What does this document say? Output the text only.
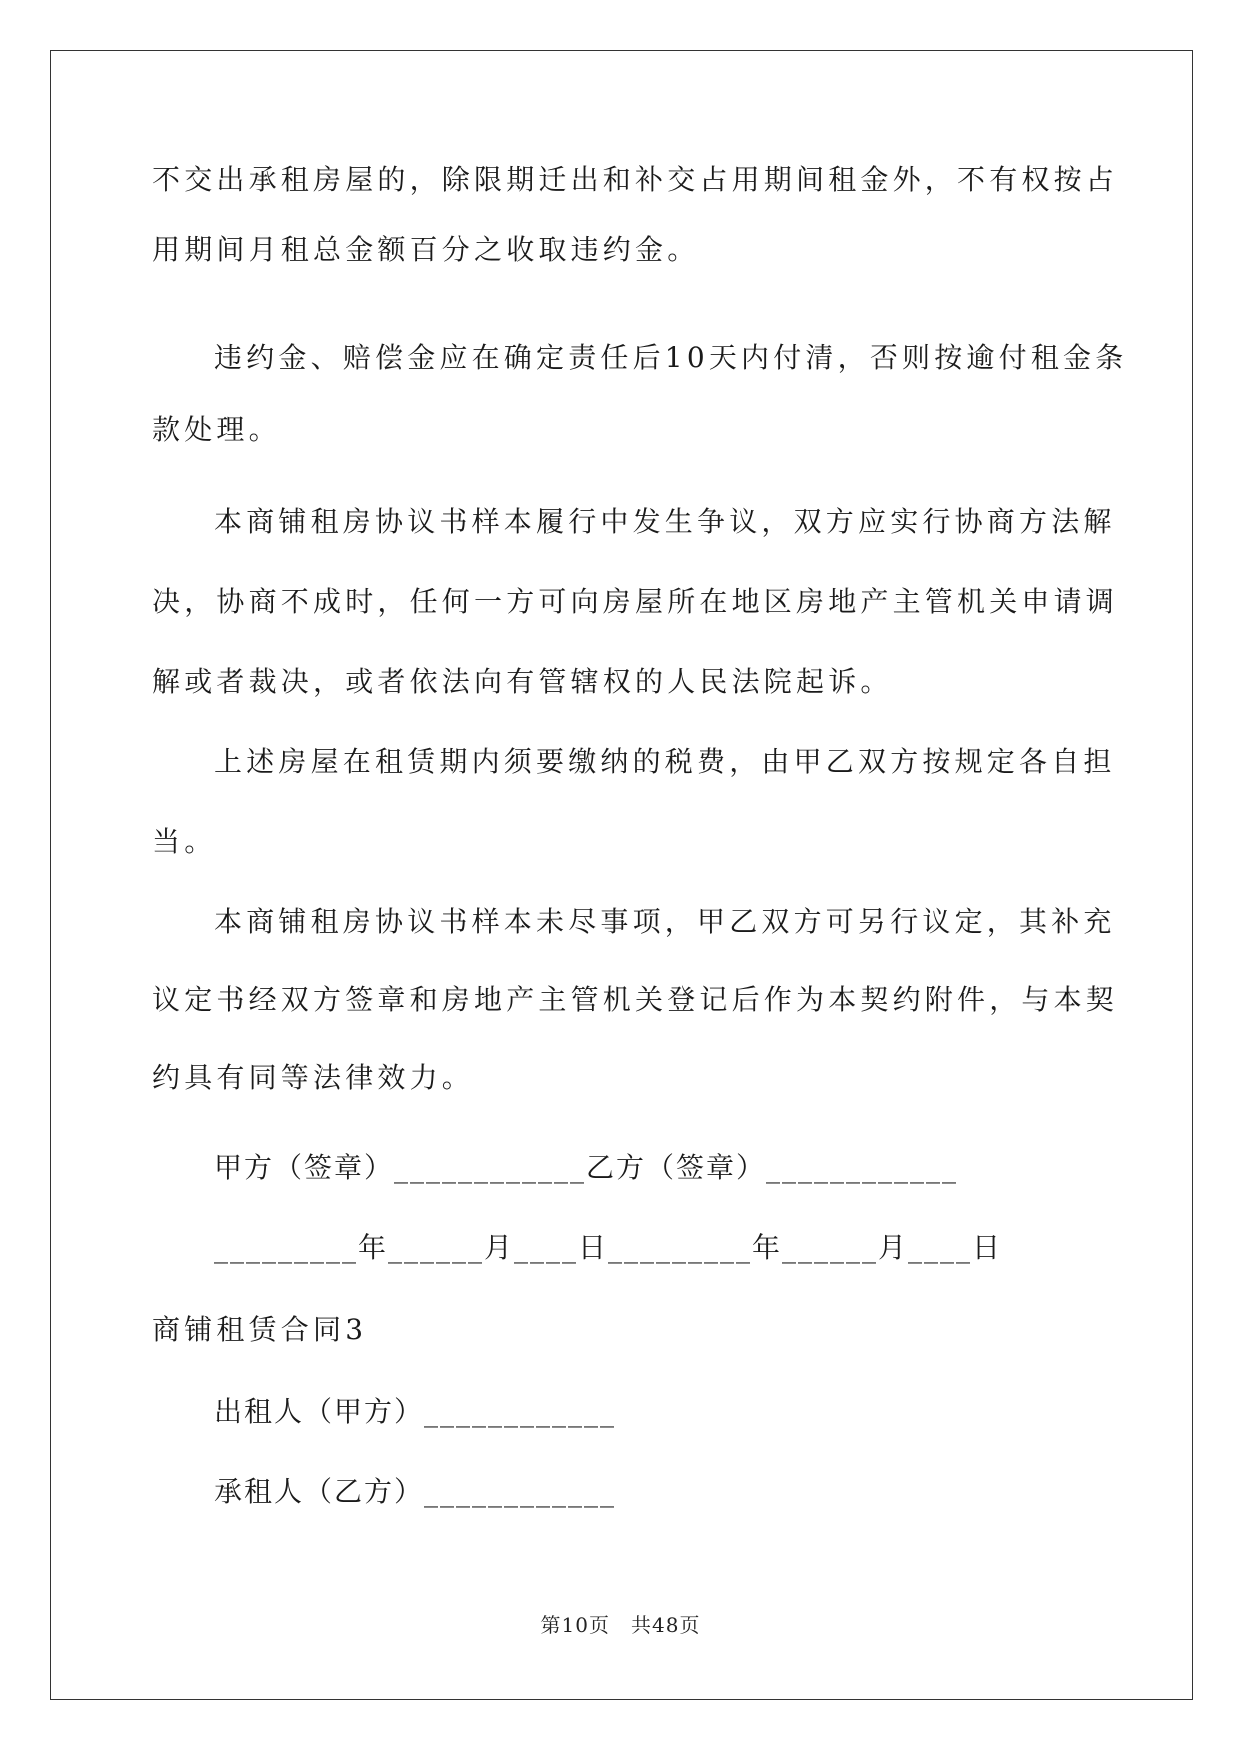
不交出承租房屋的，除限期迁出和补交占用期间租金外，不有权按占
用期间月租总金额百分之收取违约金。
违约金、赔偿金应在确定责任后10天内付清，否则按逾付租金条
款处理。
本商铺租房协议书样本履行中发生争议，双方应实行协商方法解
决，协商不成时，任何一方可向房屋所在地区房地产主管机关申请调
解或者裁决，或者依法向有管辖权的人民法院起诉。
上述房屋在租赁期内须要缴纳的税费，由甲乙双方按规定各自担
当。
本商铺租房协议书样本未尽事项，甲乙双方可另行议定，其补充
议定书经双方签章和房地产主管机关登记后作为本契约附件，与本契
约具有同等法律效力。
甲方（签章）____________乙方（签章）____________
_________年______月____日_________年______月____日
商铺租赁合同3
出租人（甲方）____________
承租人（乙方）____________
第10页　共48页
